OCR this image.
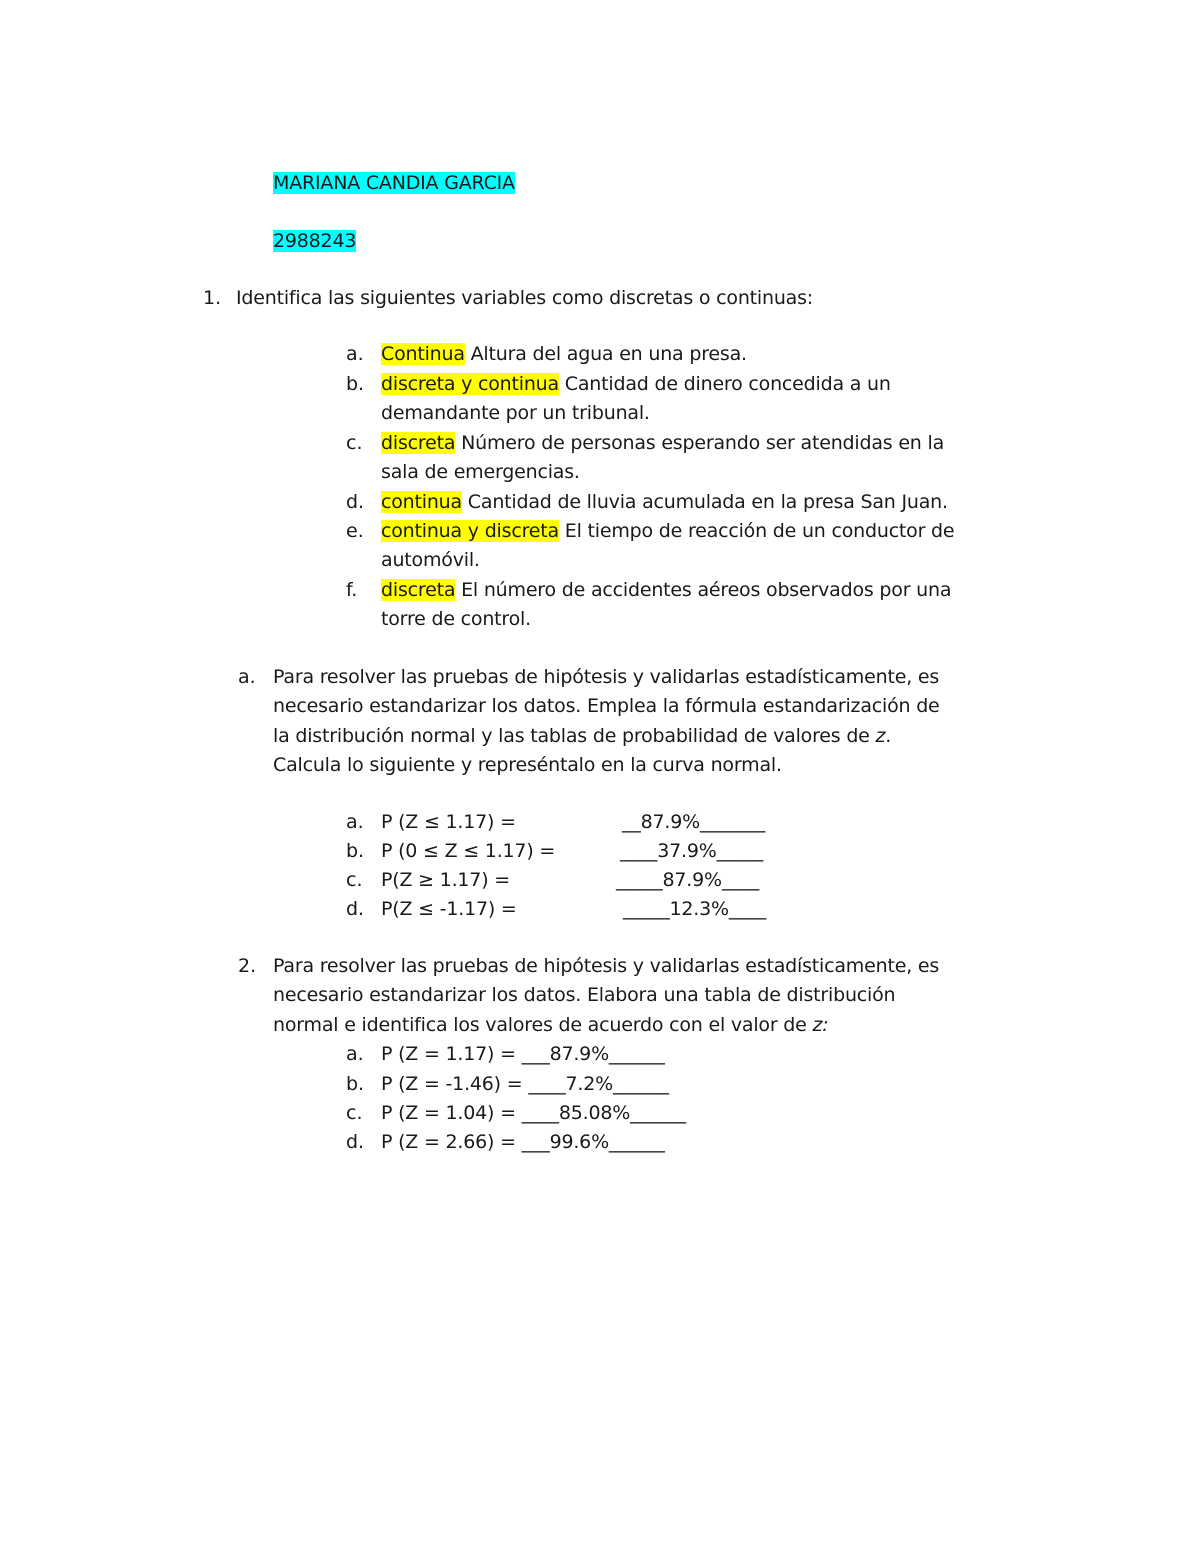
MARIANA CANDIA GARCIA
2988243
1. Identifica las siguientes variables como discretas o continuas:
a. Continua Altura del agua en una presa.
b. discreta y continua Cantidad de dinero concedida a un
demandante por un tribunal.
c. discreta Número de personas esperando ser atendidas en la
sala de emergencias.
d. continua Cantidad de lluvia acumulada en la presa San Juan.
e. continua y discreta El tiempo de reacción de un conductor de
automóvil.
f. discreta El número de accidentes aéreos observados por una
torre de control.
a. Para resolver las pruebas de hipótesis y validarlas estadísticamente, es
necesario estandarizar los datos. Emplea la fórmula estandarización de
la distribución normal y las tablas de probabilidad de valores de z.
Calcula lo siguiente y represéntalo en la curva normal.
a. P (Z ≤ 1.17) =	__87.9%_______
b. P (0 ≤ Z ≤ 1.17) =	____37.9%_____
c. P(Z ≥ 1.17) =	_____87.9%____
d. P(Z ≤ -1.17) =	_____12.3%____
2. Para resolver las pruebas de hipótesis y validarlas estadísticamente, es
necesario estandarizar los datos. Elabora una tabla de distribución
normal e identifica los valores de acuerdo con el valor de z:
a. P (Z = 1.17) = ___87.9%______
b. P (Z = -1.46) = ____7.2%______
c. P (Z = 1.04) = ____85.08%______
d. P (Z = 2.66) = ___99.6%______
